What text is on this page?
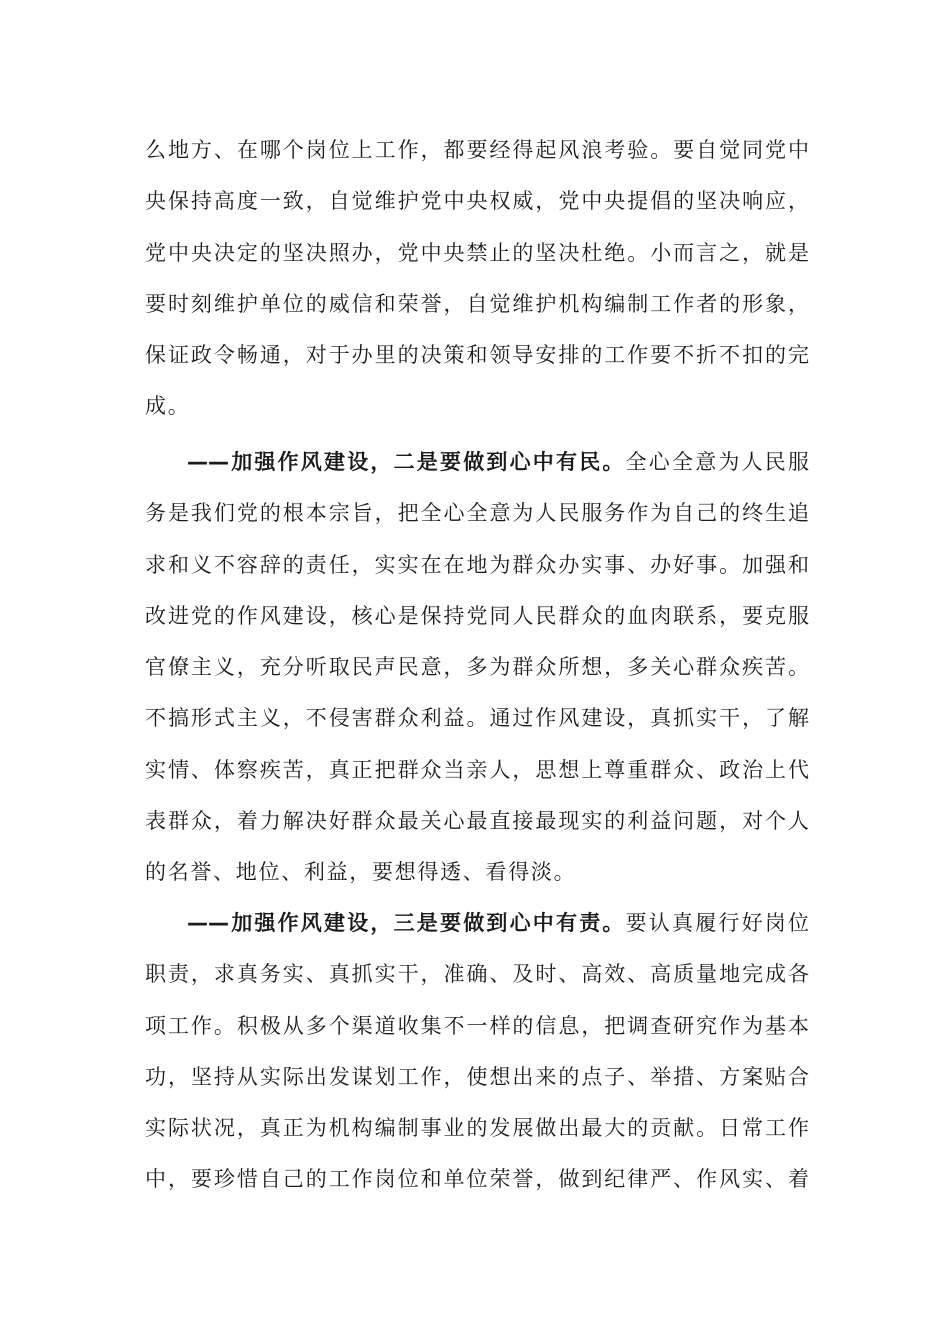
么地方、在哪个岗位上工作，都要经得起风浪考验。要自觉同党中
央保持高度一致，自觉维护党中央权威，党中央提倡的坚决响应，
党中央决定的坚决照办，党中央禁止的坚决杜绝。小而言之，就是
要时刻维护单位的威信和荣誉，自觉维护机构编制工作者的形象，
保证政令畅通，对于办里的决策和领导安排的工作要不折不扣的完
成。
——加强作风建设，二是要做到心中有民。全心全意为人民服
务是我们党的根本宗旨，把全心全意为人民服务作为自己的终生追
求和义不容辞的责任，实实在在地为群众办实事、办好事。加强和
改进党的作风建设，核心是保持党同人民群众的血肉联系，要克服
官僚主义，充分听取民声民意，多为群众所想，多关心群众疾苦。
不搞形式主义，不侵害群众利益。通过作风建设，真抓实干，了解
实情、体察疾苦，真正把群众当亲人，思想上尊重群众、政治上代
表群众，着力解决好群众最关心最直接最现实的利益问题，对个人
的名誉、地位、利益，要想得透、看得淡。
——加强作风建设，三是要做到心中有责。要认真履行好岗位
职责，求真务实、真抓实干，准确、及时、高效、高质量地完成各
项工作。积极从多个渠道收集不一样的信息，把调查研究作为基本
功，坚持从实际出发谋划工作，使想出来的点子、举措、方案贴合
实际状况，真正为机构编制事业的发展做出最大的贡献。日常工作
中，要珍惜自己的工作岗位和单位荣誉，做到纪律严、作风实、着
